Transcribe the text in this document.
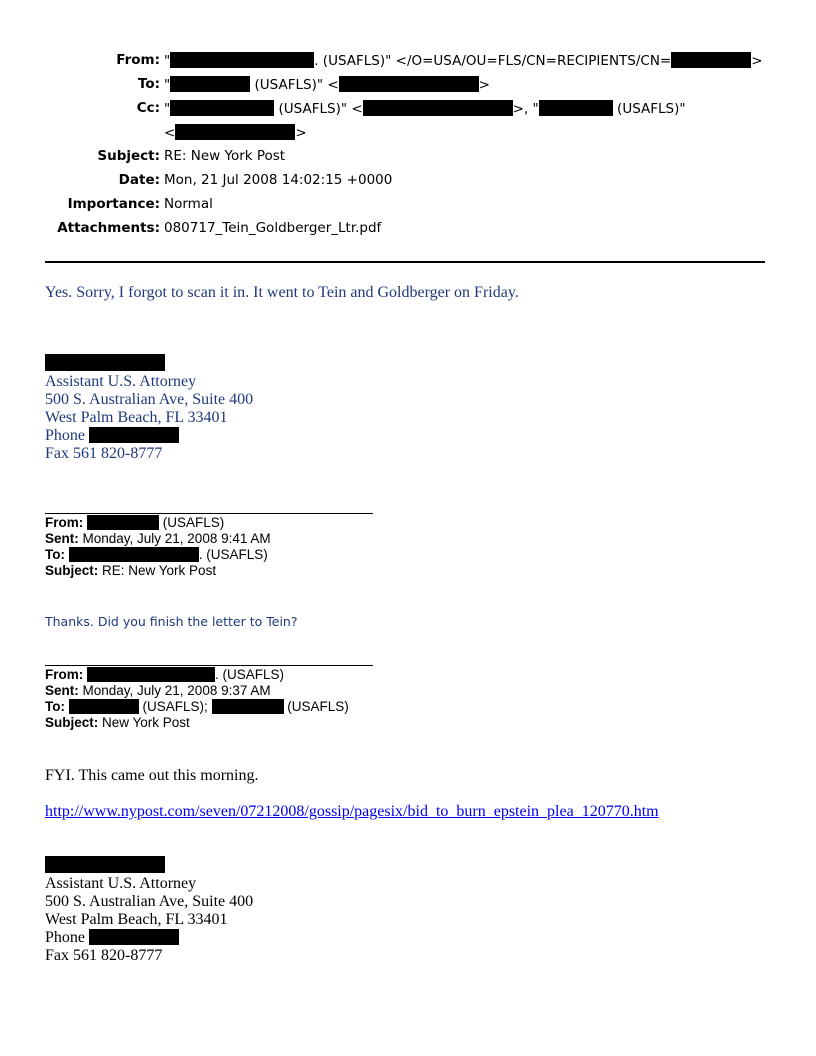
From: "	. (USAFLS)" </O=USA/OU=FLS/CN=RECIPIENTS/CN=	>
To: "	(USAFLS)" <	>
Cc: "	(USAFLS)" <	>, "	(USAFLS)"
<	>
Subject: RE: New York Post
Date: Mon, 21 Jul 2008 14:02:15 +0000
Importance: Normal
Attachments: 080717_Tein_Goldberger_Ltr.pdf
Yes. Sorry, I forgot to scan it in. It went to Tein and Goldberger on Friday.
Assistant U.S. Attorney
500 S. Australian Ave, Suite 400
West Palm Beach, FL 33401
Phone
Fax 561 820-8777
From:	(USAFLS)
Sent: Monday, July 21, 2008 9:41 AM
To:	. (USAFLS)
Subject: RE: New York Post
Thanks. Did you finish the letter to Tein?
From:	. (USAFLS)
Sent: Monday, July 21, 2008 9:37 AM
To:	(USAFLS);	(USAFLS)
Subject: New York Post
FYI. This came out this morning.
http://www.nypost.com/seven/07212008/gossip/pagesix/bid_to_burn_epstein_plea_120770.htm
Assistant U.S. Attorney
500 S. Australian Ave, Suite 400
West Palm Beach, FL 33401
Phone
Fax 561 820-8777
